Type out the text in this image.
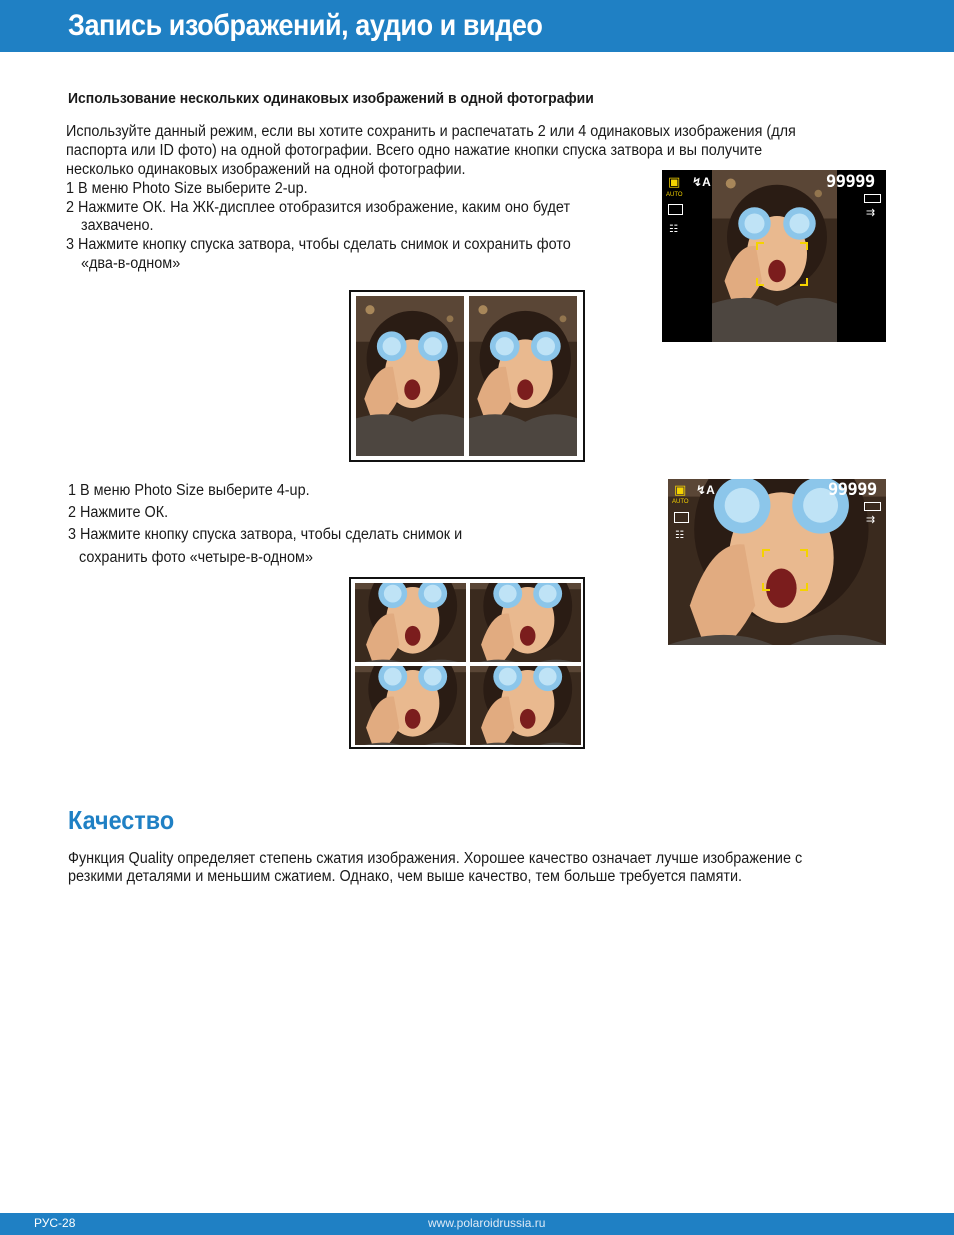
Запись изображений, аудио и видео

Использование нескольких одинаковых изображений в одной фотографии

Используйте данный режим, если вы хотите сохранить и распечатать 2 или 4 одинаковых изображения (для

паспорта или ID фото) на одной фотографии. Всего одно нажатие кнопки спуска затвора и вы получите

несколько одинаковых изображений на одной фотографии.

1 В меню Photo Size выберите 2-up.

2 Нажмите ОК. На ЖК-дисплее отобразится изображение, каким оно будет

захвачено.

3 Нажмите кнопку спуска затвора, чтобы сделать снимок и сохранить фото

«два-в-одном»

▣
AUTO
↯A
☷
99999
⇉

1 В меню Photo Size выберите 4-up.

2 Нажмите ОК.

3 Нажмите кнопку спуска затвора, чтобы сделать снимок и

сохранить фото «четыре-в-одном»

▣
AUTO
↯A
☷
99999
⇉
Качество

Функция Quality определяет степень сжатия изображения. Хорошее качество означает лучше изображение с

резкими деталями и меньшим сжатием. Однако, чем выше качество, тем больше требуется памяти.

РУС-28	www.polaroidrussia.ru
